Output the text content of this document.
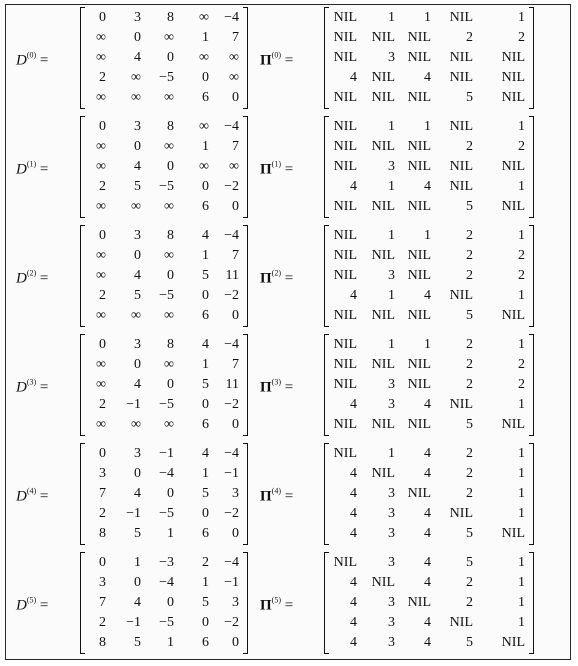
$D^{(0)}$ =
0 3 8 ∞ −4
∞ 0 ∞ 1 7
∞ 4 0 ∞ ∞
2 ∞ −5 0 ∞
∞ ∞ ∞ 6 0
$\Pi^{(0)}$ =
NIL 1 1 NIL	1
NIL NIL NIL	2	2
NIL 3 NIL NIL NIL
4 NIL 4 NIL NIL
NIL NIL NIL	5 NIL
$D^{(1)}$ =
0 3 8 ∞ −4
∞ 0 ∞ 1 7
∞ 4 0 ∞ ∞
2 5 −5 0 −2
∞ ∞ ∞ 6 0
$\Pi^{(1)}$ =
NIL 1 1 NIL	1
NIL NIL NIL	2	2
NIL 3 NIL NIL NIL
4 1 4 NIL	1
NIL NIL NIL	5 NIL
$D^{(2)}$ =
0 3 8 4 −4
∞ 0 ∞ 1 7
∞ 4 0 5 11
2 5 −5 0 −2
∞ ∞ ∞ 6 0
$\Pi^{(2)}$ =
NIL 1 1	2	1
NIL NIL NIL	2	2
NIL 3 NIL	2	2
4 1 4 NIL	1
NIL NIL NIL	5 NIL
$D^{(3)}$ =
0 3 8 4 −4
∞ 0 ∞ 1 7
∞ 4 0 5 11
2 −1 −5 0 −2
∞ ∞ ∞ 6 0
$\Pi^{(3)}$ =
NIL 1 1	2	1
NIL NIL NIL	2	2
NIL 3 NIL	2	2
4 3 4 NIL	1
NIL NIL NIL	5 NIL
$D^{(4)}$ =
0 3 −1 4 −4
3 0 −4 1 −1
7 4 0 5 3
2 −1 −5 0 −2
8 5 1 6 0
$\Pi^{(4)}$ =
NIL 1 4	2	1
4 NIL 4	2	1
4 3 NIL	2	1
4 3 4 NIL	1
4 3 4	5 NIL
$D^{(5)}$ =
0 1 −3 2 −4
3 0 −4 1 −1
7 4 0 5 3
2 −1 −5 0 −2
8 5 1 6 0
$\Pi^{(5)}$ =
NIL 3 4	5	1
4 NIL 4	2	1
4 3 NIL	2	1
4 3 4 NIL	1
4 3 4	5 NIL
